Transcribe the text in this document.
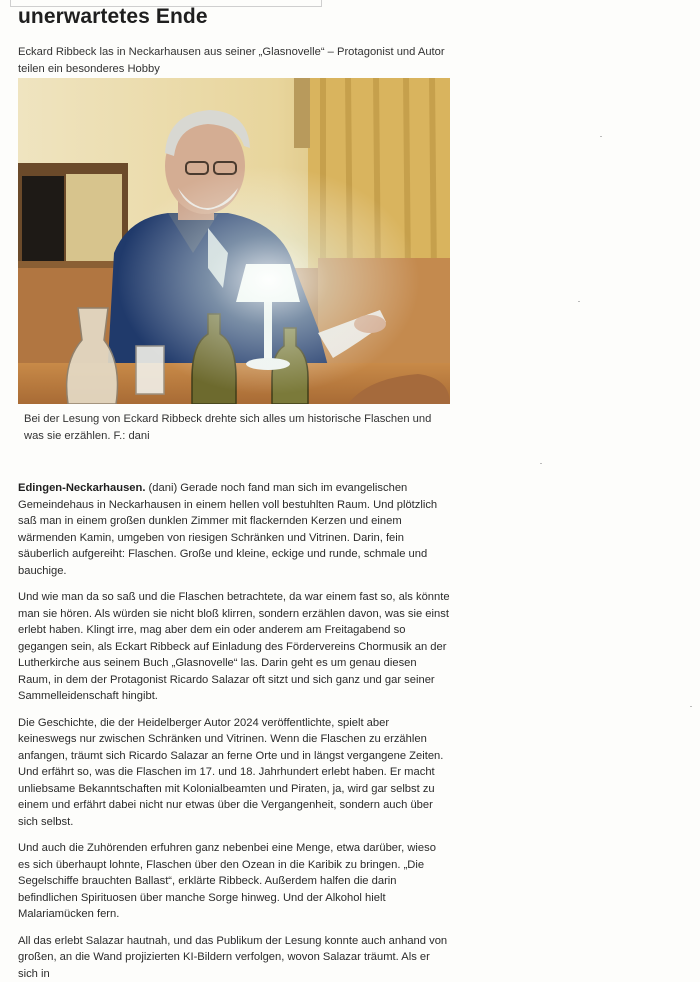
unerwartetes Ende

Eckard Ribbeck las in Neckarhausen aus seiner „Glasnovelle“ – Protagonist und Autor teilen ein besonderes Hobby

Bei der Lesung von Eckard Ribbeck drehte sich alles um historische Flaschen und was sie erzählen. F.: dani

Edingen-Neckarhausen. (dani) Gerade noch fand man sich im evangelischen Gemeindehaus in Neckarhausen in einem hellen voll bestuhlten Raum. Und plötzlich saß man in einem großen dunklen Zimmer mit flackernden Kerzen und einem wärmenden Kamin, umgeben von riesigen Schränken und Vitrinen. Darin, fein säuberlich aufgereiht: Flaschen. Große und kleine, eckige und runde, schmale und bauchige.

Und wie man da so saß und die Flaschen betrachtete, da war einem fast so, als könnte man sie hören. Als würden sie nicht bloß klirren, sondern erzählen davon, was sie einst erlebt haben. Klingt irre, mag aber dem ein oder anderem am Freitagabend so gegangen sein, als Eckart Ribbeck auf Einladung des Fördervereins Chormusik an der Lutherkirche aus seinem Buch „Glasnovelle“ las. Darin geht es um genau diesen Raum, in dem der Protagonist Ricardo Salazar oft sitzt und sich ganz und gar seiner Sammelleidenschaft hingibt.

Die Geschichte, die der Heidelberger Autor 2024 veröffentlichte, spielt aber keineswegs nur zwischen Schränken und Vitrinen. Wenn die Flaschen zu erzählen anfangen, träumt sich Ricardo Salazar an ferne Orte und in längst vergangene Zeiten. Und erfährt so, was die Flaschen im 17. und 18. Jahrhundert erlebt haben. Er macht unliebsame Bekanntschaften mit Kolonialbeamten und Piraten, ja, wird gar selbst zu einem und erfährt dabei nicht nur etwas über die Vergangenheit, sondern auch über sich selbst.

Und auch die Zuhörenden erfuhren ganz nebenbei eine Menge, etwa darüber, wieso es sich überhaupt lohnte, Flaschen über den Ozean in die Karibik zu bringen. „Die Segelschiffe brauchten Ballast“, erklärte Ribbeck. Außerdem halfen die darin befindlichen Spirituosen über manche Sorge hinweg. Und der Alkohol hielt Malariamücken fern.

All das erlebt Salazar hautnah, und das Publikum der Lesung konnte auch anhand von großen, an die Wand projizierten KI-Bildern verfolgen, wovon Salazar träumt. Als er sich in
